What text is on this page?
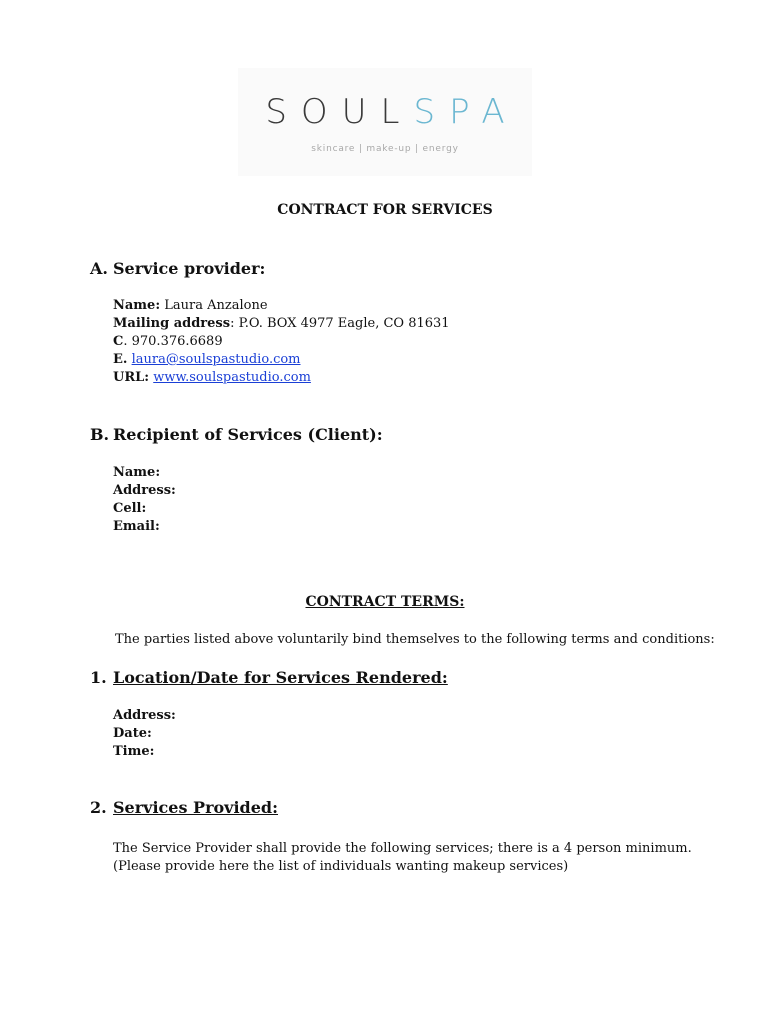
SOULSPA
skincare | make-up | energy
CONTRACT FOR SERVICES
A. Service provider:
Name: Laura Anzalone
Mailing address: P.O. BOX 4977 Eagle, CO 81631
C. 970.376.6689
E. laura@soulspastudio.com
URL: www.soulspastudio.com
B. Recipient of Services (Client):
Name:
Address:
Cell:
Email:
CONTRACT TERMS:
The parties listed above voluntarily bind themselves to the following terms and conditions:
1. Location/Date for Services Rendered:
Address:
Date:
Time:
2. Services Provided:
The Service Provider shall provide the following services; there is a 4 person minimum.
(Please provide here the list of individuals wanting makeup services)
